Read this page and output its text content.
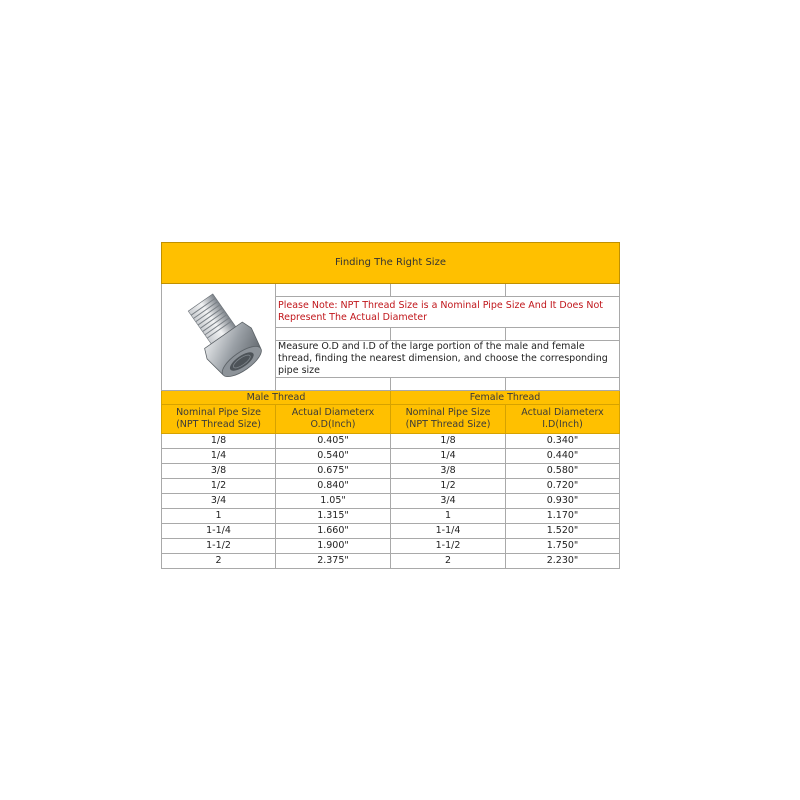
Finding The Right Size			

	Please Note: NPT Thread Size is a Nominal Pipe Size And It Does Not Represent The Actual Diameter		

	Measure O.D and I.D of the large portion of the male and female thread, finding the nearest dimension, and choose the corresponding pipe size		

Male Thread		Female Thread	

Nominal Pipe Size
(NPT Thread Size)

Actual Diameterx
O.D(Inch)

Nominal Pipe Size
(NPT Thread Size)

Actual Diameterx
I.D(Inch)

1/8	0.405"	1/8	0.340"
1/4	0.540"	1/4	0.440"
3/8	0.675"	3/8	0.580"
1/2	0.840"	1/2	0.720"
3/4	1.05"	3/4	0.930"
1	1.315"	1	1.170"
1-1/4	1.660"	1-1/4	1.520"
1-1/2	1.900"	1-1/2	1.750"
2	2.375"	2	2.230"
